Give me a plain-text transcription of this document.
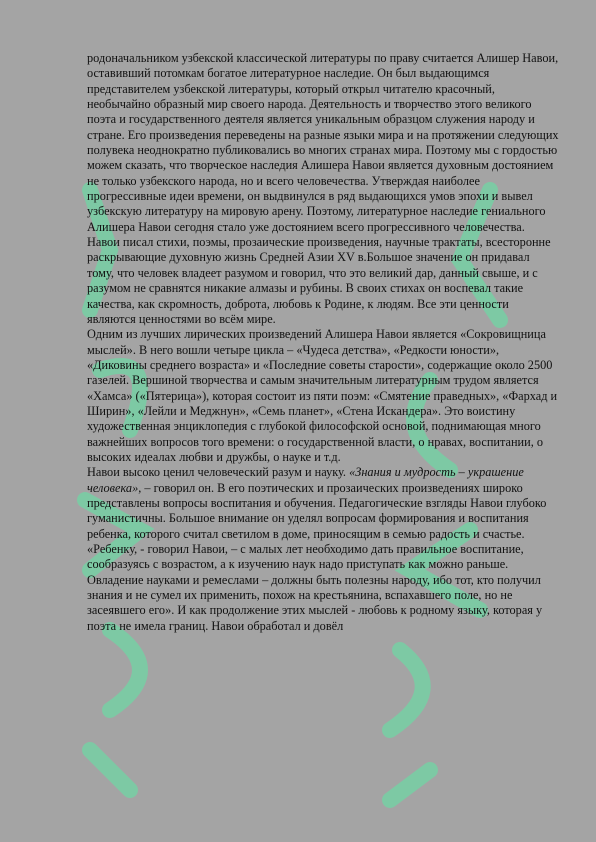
родоначальником узбекской классической литературы по праву считается Алишер Навои, оставивший потомкам богатое литературное наследие. Он был выдающимся представителем узбекской литературы, который открыл читателю красочный, необычайно образный мир своего народа. Деятельность и творчество этого великого поэта и государственного деятеля является уникальным образцом служения народу и стране. Его произведения переведены на разные языки мира и на протяжении следующих полувека неоднократно публиковались во многих странах мира. Поэтому мы с гордостью можем сказать, что творческое наследия Алишера Навои является духовным достоянием не только узбекского народа, но и всего человечества. Утверждая наиболее прогрессивные идеи времени, он выдвинулся в ряд выдающихся умов эпохи и вывел узбекскую литературу на мировую арену. Поэтому, литературное наследие гениального Алишера Навои сегодня стало уже достоянием всего прогрессивного человечества.

Навои писал стихи, поэмы, прозаические произведения, научные трактаты, всесторонне раскрывающие духовную жизнь Средней Азии XV в.Большое значение он придавал тому, что человек владеет разумом и говорил, что это великий дар, данный свыше, и с разумом не сравнятся никакие алмазы и рубины. В своих стихах он воспевал такие качества, как скромность, доброта, любовь к Родине, к людям. Все эти ценности являются ценностями во всём мире.

Одним из лучших лирических произведений Алишера Навои является «Сокровищница мыслей». В него вошли четыре цикла – «Чудеса детства», «Редкости юности», «Диковины среднего возраста» и «Последние советы старости», содержащие около 2500 газелей. Вершиной творчества и самым значительным литературным трудом является «Хамса» («Пятерица»), которая состоит из пяти поэм: «Смятение праведных», «Фархад и Ширин», «Лейли и Меджнун», «Семь планет», «Стена Искандера». Это воистину художественная энциклопедия с глубокой философской основой, поднимающая много важнейших вопросов того времени: о государственной власти, о нравах, воспитании, о высоких идеалах любви и дружбы, о науке и т.д.

Навои высоко ценил человеческий разум и науку. «Знания и мудрость – украшение человека», – говорил он. В его поэтических и прозаических произведениях широко представлены вопросы воспитания и обучения. Педагогические взгляды Навои глубоко гуманистичны. Большое внимание он уделял вопросам формирования и воспитания ребенка, которого считал светилом в доме, приносящим в семью радость и счастье. «Ребенку, - говорил Навои, – с малых лет необходимо дать правильное воспитание, сообразуясь с возрастом, а к изучению наук надо приступать как можно раньше. Овладение науками и ремеслами – должны быть полезны народу, ибо тот, кто получил знания и не сумел их применить, похож на крестьянина, вспахавшего поле, но не засеявшего его». И как продолжение этих мыслей - любовь к родному языку, которая у поэта не имела границ. Навои обработал и довёл
